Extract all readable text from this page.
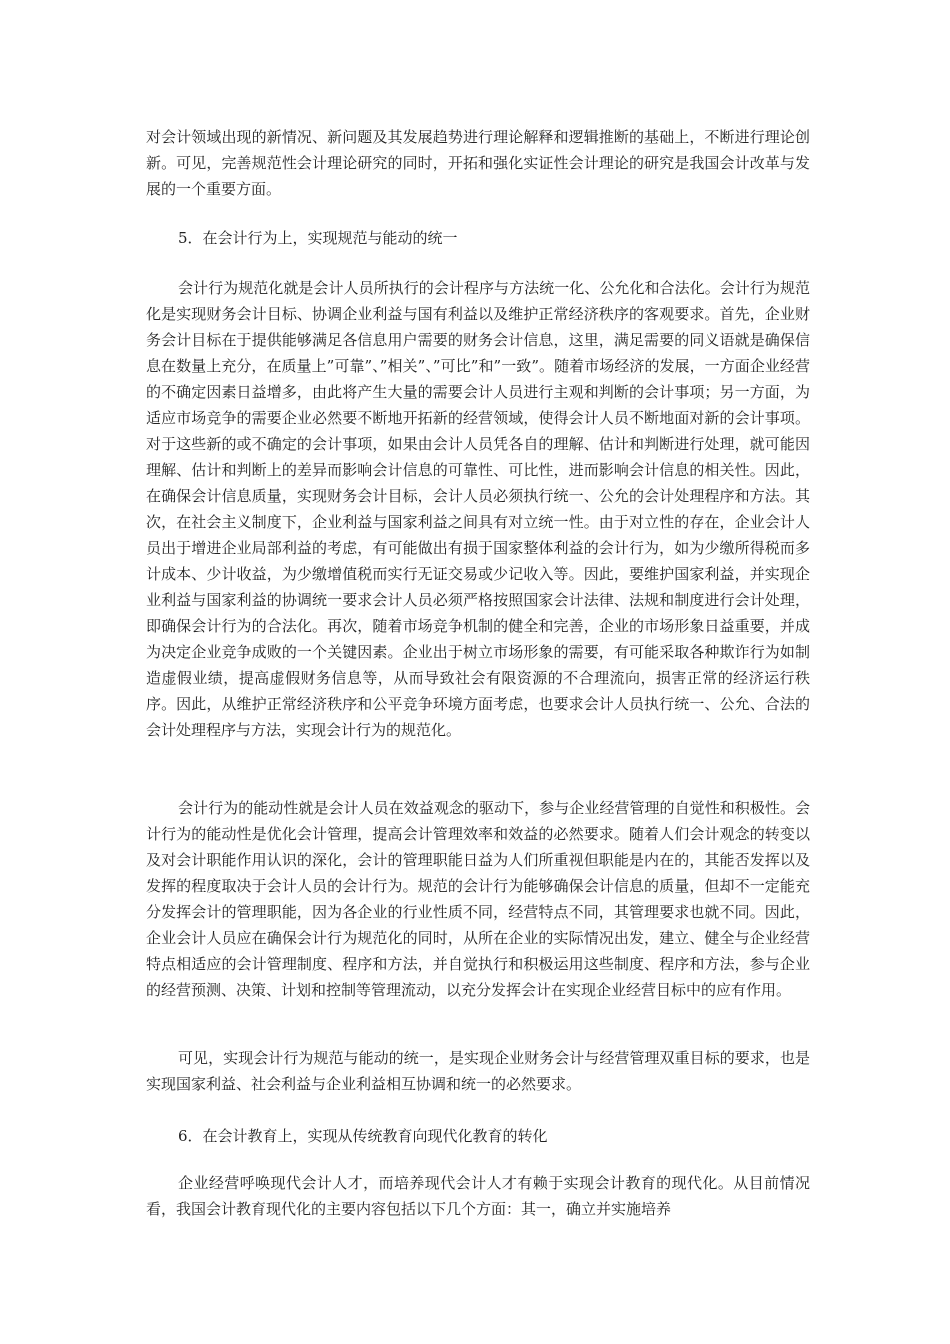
对会计领域出现的新情况、新问题及其发展趋势进行理论解释和逻辑推断的基础上，不断进行理论创新。可见，完善规范性会计理论研究的同时，开拓和强化实证性会计理论的研究是我国会计改革与发展的一个重要方面。

5．在会计行为上，实现规范与能动的统一

会计行为规范化就是会计人员所执行的会计程序与方法统一化、公允化和合法化。会计行为规范化是实现财务会计目标、协调企业利益与国有利益以及维护正常经济秩序的客观要求。首先，企业财务会计目标在于提供能够满足各信息用户需要的财务会计信息，这里，满足需要的同义语就是确保信息在数量上充分，在质量上”可靠”、”相关”、”可比”和”一致”。随着市场经济的发展，一方面企业经营的不确定因素日益增多，由此将产生大量的需要会计人员进行主观和判断的会计事项；另一方面，为适应市场竞争的需要企业必然要不断地开拓新的经营领域，使得会计人员不断地面对新的会计事项。对于这些新的或不确定的会计事项，如果由会计人员凭各自的理解、估计和判断进行处理，就可能因理解、估计和判断上的差异而影响会计信息的可靠性、可比性，进而影响会计信息的相关性。因此，在确保会计信息质量，实现财务会计目标，会计人员必须执行统一、公允的会计处理程序和方法。其次，在社会主义制度下，企业利益与国家利益之间具有对立统一性。由于对立性的存在，企业会计人员出于增进企业局部利益的考虑，有可能做出有损于国家整体利益的会计行为，如为少缴所得税而多计成本、少计收益，为少缴增值税而实行无证交易或少记收入等。因此，要维护国家利益，并实现企业利益与国家利益的协调统一要求会计人员必须严格按照国家会计法律、法规和制度进行会计处理，即确保会计行为的合法化。再次，随着市场竞争机制的健全和完善，企业的市场形象日益重要，并成为决定企业竞争成败的一个关键因素。企业出于树立市场形象的需要，有可能采取各种欺诈行为如制造虚假业绩，提高虚假财务信息等，从而导致社会有限资源的不合理流向，损害正常的经济运行秩序。因此，从维护正常经济秩序和公平竞争环境方面考虑，也要求会计人员执行统一、公允、合法的会计处理程序与方法，实现会计行为的规范化。

会计行为的能动性就是会计人员在效益观念的驱动下，参与企业经营管理的自觉性和积极性。会计行为的能动性是优化会计管理，提高会计管理效率和效益的必然要求。随着人们会计观念的转变以及对会计职能作用认识的深化，会计的管理职能日益为人们所重视但职能是内在的，其能否发挥以及发挥的程度取决于会计人员的会计行为。规范的会计行为能够确保会计信息的质量，但却不一定能充分发挥会计的管理职能，因为各企业的行业性质不同，经营特点不同，其管理要求也就不同。因此，企业会计人员应在确保会计行为规范化的同时，从所在企业的实际情况出发，建立、健全与企业经营特点相适应的会计管理制度、程序和方法，并自觉执行和积极运用这些制度、程序和方法，参与企业的经营预测、决策、计划和控制等管理流动，以充分发挥会计在实现企业经营目标中的应有作用。

可见，实现会计行为规范与能动的统一，是实现企业财务会计与经营管理双重目标的要求，也是实现国家利益、社会利益与企业利益相互协调和统一的必然要求。

6．在会计教育上，实现从传统教育向现代化教育的转化

企业经营呼唤现代会计人才，而培养现代会计人才有赖于实现会计教育的现代化。从目前情况看，我国会计教育现代化的主要内容包括以下几个方面：其一，确立并实施培养
